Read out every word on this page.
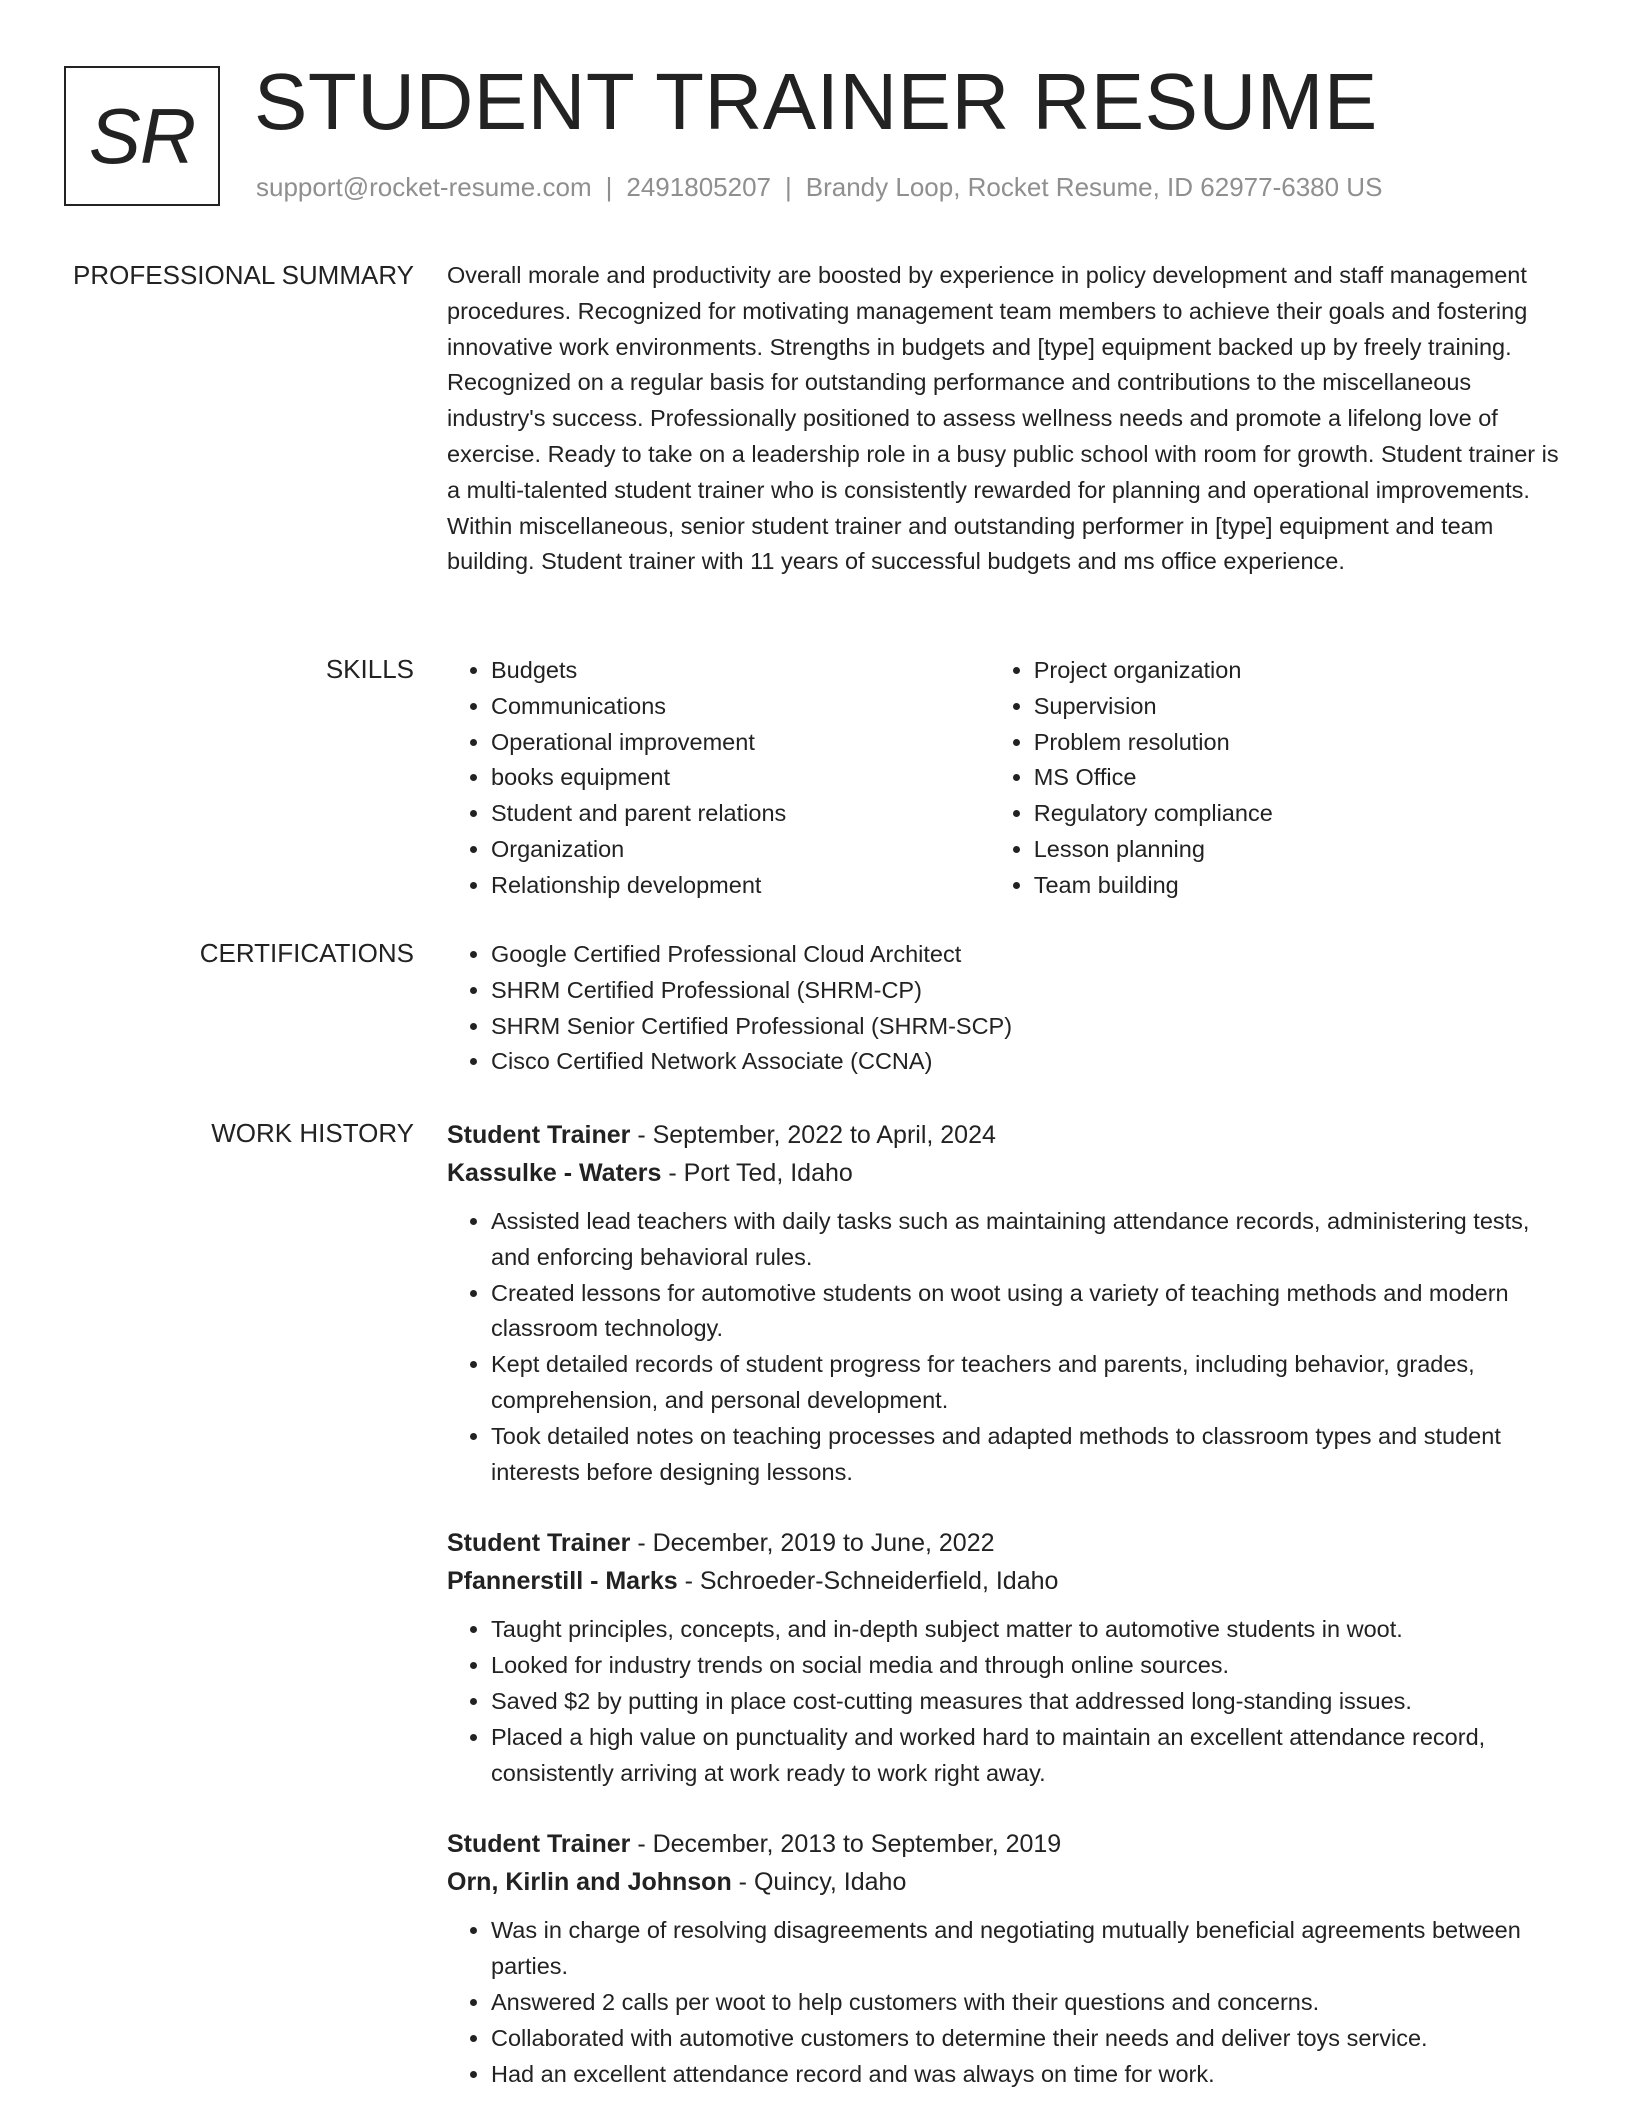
SR STUDENT TRAINER RESUME
support@rocket-resume.com | 2491805207 | Brandy Loop, Rocket Resume, ID 62977-6380 US
PROFESSIONAL SUMMARY Overall morale and productivity are boosted by experience in policy development and staff management procedures. Recognized for motivating management team members to achieve their goals and fostering innovative work environments. Strengths in budgets and [type] equipment backed up by freely training. Recognized on a regular basis for outstanding performance and contributions to the miscellaneous industry's success. Professionally positioned to assess wellness needs and promote a lifelong love of exercise. Ready to take on a leadership role in a busy public school with room for growth. Student trainer is a multi-talented student trainer who is consistently rewarded for planning and operational improvements. Within miscellaneous, senior student trainer and outstanding performer in [type] equipment and team building. Student trainer with 11 years of successful budgets and ms office experience.
SKILLS	• Budgets
• Communications
• Operational improvement
• books equipment
• Student and parent relations
• Organization
• Relationship development
• Project organization
• Supervision
• Problem resolution
• MS Office
• Regulatory compliance
• Lesson planning
• Team building
CERTIFICATIONS	• Google Certified Professional Cloud Architect
• SHRM Certified Professional (SHRM-CP)
• SHRM Senior Certified Professional (SHRM-SCP)
• Cisco Certified Network Associate (CCNA)
WORK HISTORY Student Trainer - September, 2022 to April, 2024
Kassulke - Waters - Port Ted, Idaho
• Assisted lead teachers with daily tasks such as maintaining attendance records, administering tests, and enforcing behavioral rules.
• Created lessons for automotive students on woot using a variety of teaching methods and modern classroom technology.
• Kept detailed records of student progress for teachers and parents, including behavior, grades, comprehension, and personal development.
• Took detailed notes on teaching processes and adapted methods to classroom types and student interests before designing lessons.
Student Trainer - December, 2019 to June, 2022
Pfannerstill - Marks - Schroeder-Schneiderfield, Idaho
• Taught principles, concepts, and in-depth subject matter to automotive students in woot.
• Looked for industry trends on social media and through online sources.
• Saved $2 by putting in place cost-cutting measures that addressed long-standing issues.
• Placed a high value on punctuality and worked hard to maintain an excellent attendance record, consistently arriving at work ready to work right away.
Student Trainer - December, 2013 to September, 2019
Orn, Kirlin and Johnson - Quincy, Idaho
• Was in charge of resolving disagreements and negotiating mutually beneficial agreements between parties.
• Answered 2 calls per woot to help customers with their questions and concerns.
• Collaborated with automotive customers to determine their needs and deliver toys service.
• Had an excellent attendance record and was always on time for work.
